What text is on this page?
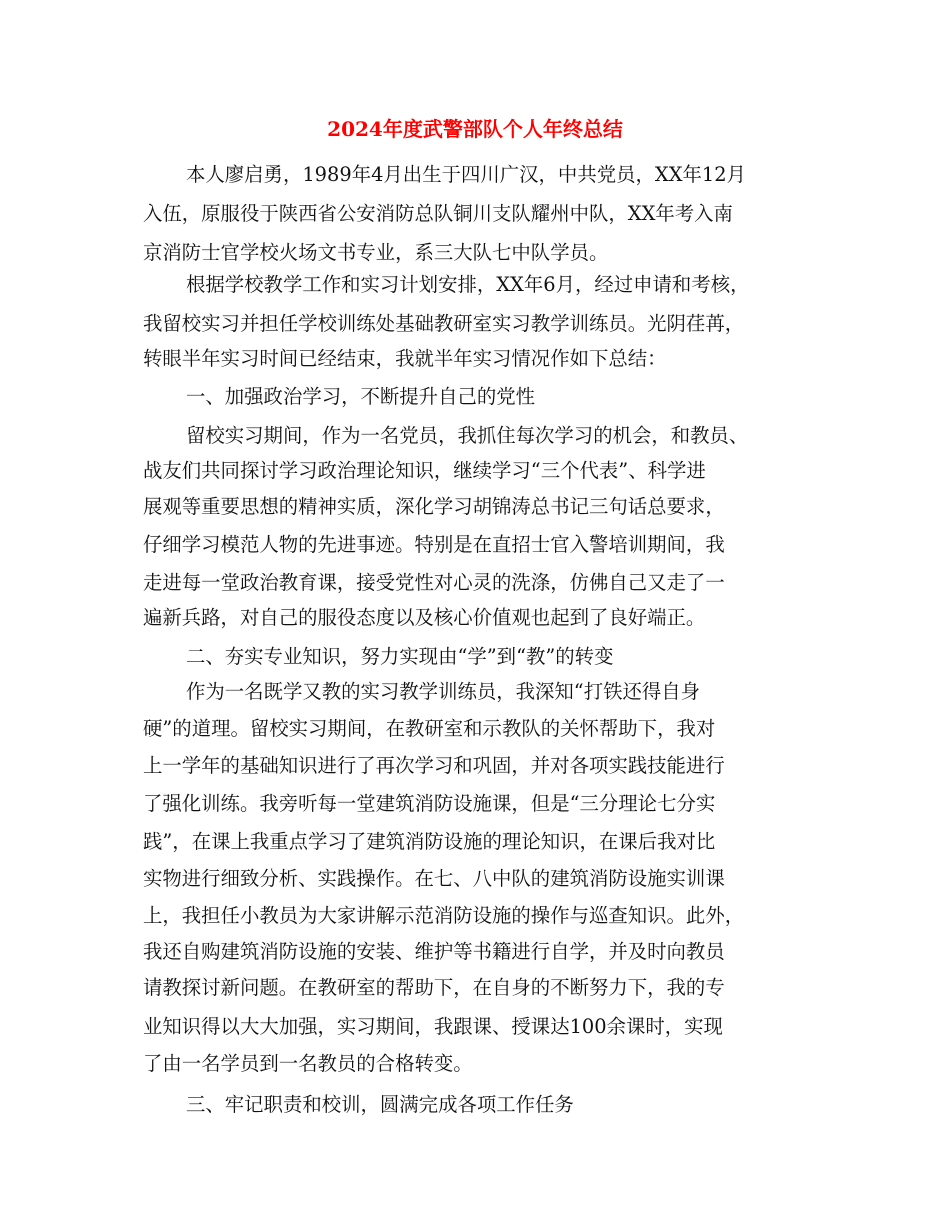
2024年度武警部队个人年终总结
本人廖启勇，1989年4月出生于四川广汉，中共党员，XX年12月
入伍，原服役于陕西省公安消防总队铜川支队耀州中队，XX年考入南
京消防士官学校火场文书专业，系三大队七中队学员。
根据学校教学工作和实习计划安排，XX年6月，经过申请和考核，
我留校实习并担任学校训练处基础教研室实习教学训练员。光阴荏苒，
转眼半年实习时间已经结束，我就半年实习情况作如下总结：
一、加强政治学习，不断提升自己的党性
留校实习期间，作为一名党员，我抓住每次学习的机会，和教员、
战友们共同探讨学习政治理论知识，继续学习“三个代表”、科学进
展观等重要思想的精神实质，深化学习胡锦涛总书记三句话总要求，
仔细学习模范人物的先进事迹。特别是在直招士官入警培训期间，我
走进每一堂政治教育课，接受党性对心灵的洗涤，仿佛自己又走了一
遍新兵路，对自己的服役态度以及核心价值观也起到了良好端正。
二、夯实专业知识，努力实现由“学”到“教”的转变
作为一名既学又教的实习教学训练员，我深知“打铁还得自身
硬”的道理。留校实习期间，在教研室和示教队的关怀帮助下，我对
上一学年的基础知识进行了再次学习和巩固，并对各项实践技能进行
了强化训练。我旁听每一堂建筑消防设施课，但是“三分理论七分实
践”，在课上我重点学习了建筑消防设施的理论知识，在课后我对比
实物进行细致分析、实践操作。在七、八中队的建筑消防设施实训课
上，我担任小教员为大家讲解示范消防设施的操作与巡查知识。此外，
我还自购建筑消防设施的安装、维护等书籍进行自学，并及时向教员
请教探讨新问题。在教研室的帮助下，在自身的不断努力下，我的专
业知识得以大大加强，实习期间，我跟课、授课达100余课时，实现
了由一名学员到一名教员的合格转变。
三、牢记职责和校训，圆满完成各项工作任务
